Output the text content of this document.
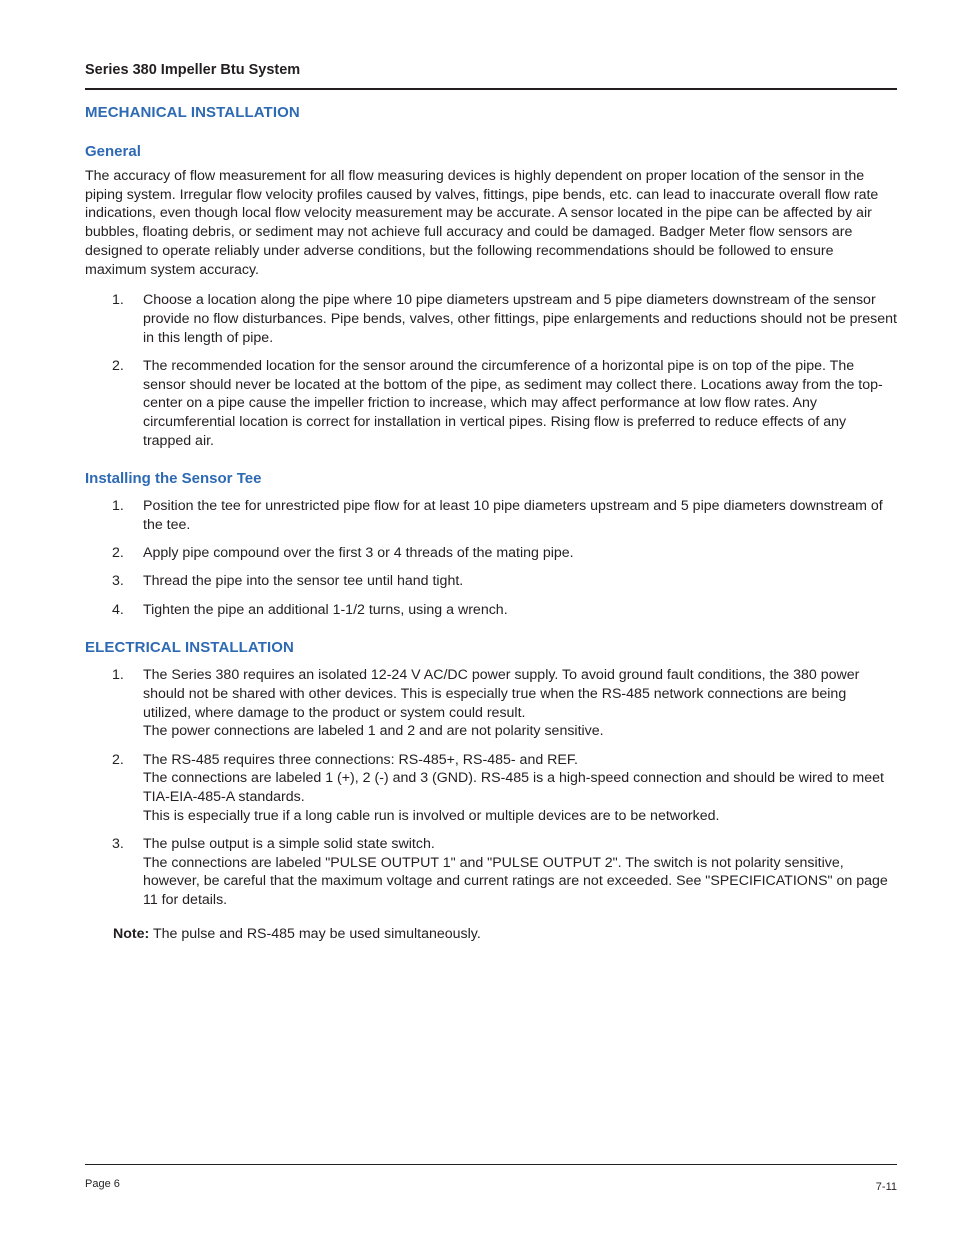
Series 380 Impeller Btu System
MECHANICAL INSTALLATION
General

The accuracy of flow measurement for all flow measuring devices is highly dependent on proper location of the sensor in the piping system. Irregular flow velocity profiles caused by valves, fittings, pipe bends, etc. can lead to inaccurate overall flow rate indications, even though local flow velocity measurement may be accurate. A sensor located in the pipe can be affected by air bubbles, floating debris, or sediment may not achieve full accuracy and could be damaged. Badger Meter flow sensors are designed to operate reliably under adverse conditions, but the following recommendations should be followed to ensure maximum system accuracy.

1. Choose a location along the pipe where 10 pipe diameters upstream and 5 pipe diameters downstream of the sensor provide no flow disturbances. Pipe bends, valves, other fittings, pipe enlargements and reductions should not be present in this length of pipe.
2. The recommended location for the sensor around the circumference of a horizontal pipe is on top of the pipe. The sensor should never be located at the bottom of the pipe, as sediment may collect there. Locations away from the top-center on a pipe cause the impeller friction to increase, which may affect performance at low flow rates. Any circumferential location is correct for installation in vertical pipes. Rising flow is preferred to reduce effects of any trapped air.
Installing the Sensor Tee
1. Position the tee for unrestricted pipe flow for at least 10 pipe diameters upstream and 5 pipe diameters downstream of the tee.
2. Apply pipe compound over the first 3 or 4 threads of the mating pipe.
3. Thread the pipe into the sensor tee until hand tight.
4. Tighten the pipe an additional 1-1/2 turns, using a wrench.
ELECTRICAL INSTALLATION
1. The Series 380 requires an isolated 12-24 V AC/DC power supply. To avoid ground fault conditions, the 380 power should not be shared with other devices. This is especially true when the RS-485 network connections are being utilized, where damage to the product or system could result.
The power connections are labeled 1 and 2 and are not polarity sensitive.
2. The RS-485 requires three connections: RS-485+, RS-485- and REF.
The connections are labeled 1 (+), 2 (-) and 3 (GND). RS-485 is a high-speed connection and should be wired to meet TIA-EIA-485-A standards.
This is especially true if a long cable run is involved or multiple devices are to be networked.
3. The pulse output is a simple solid state switch.
The connections are labeled "PULSE OUTPUT 1" and "PULSE OUTPUT 2". The switch is not polarity sensitive, however, be careful that the maximum voltage and current ratings are not exceeded. See "SPECIFICATIONS" on page 11 for details.
Note: The pulse and RS-485 may be used simultaneously.
Page 6	7-11
